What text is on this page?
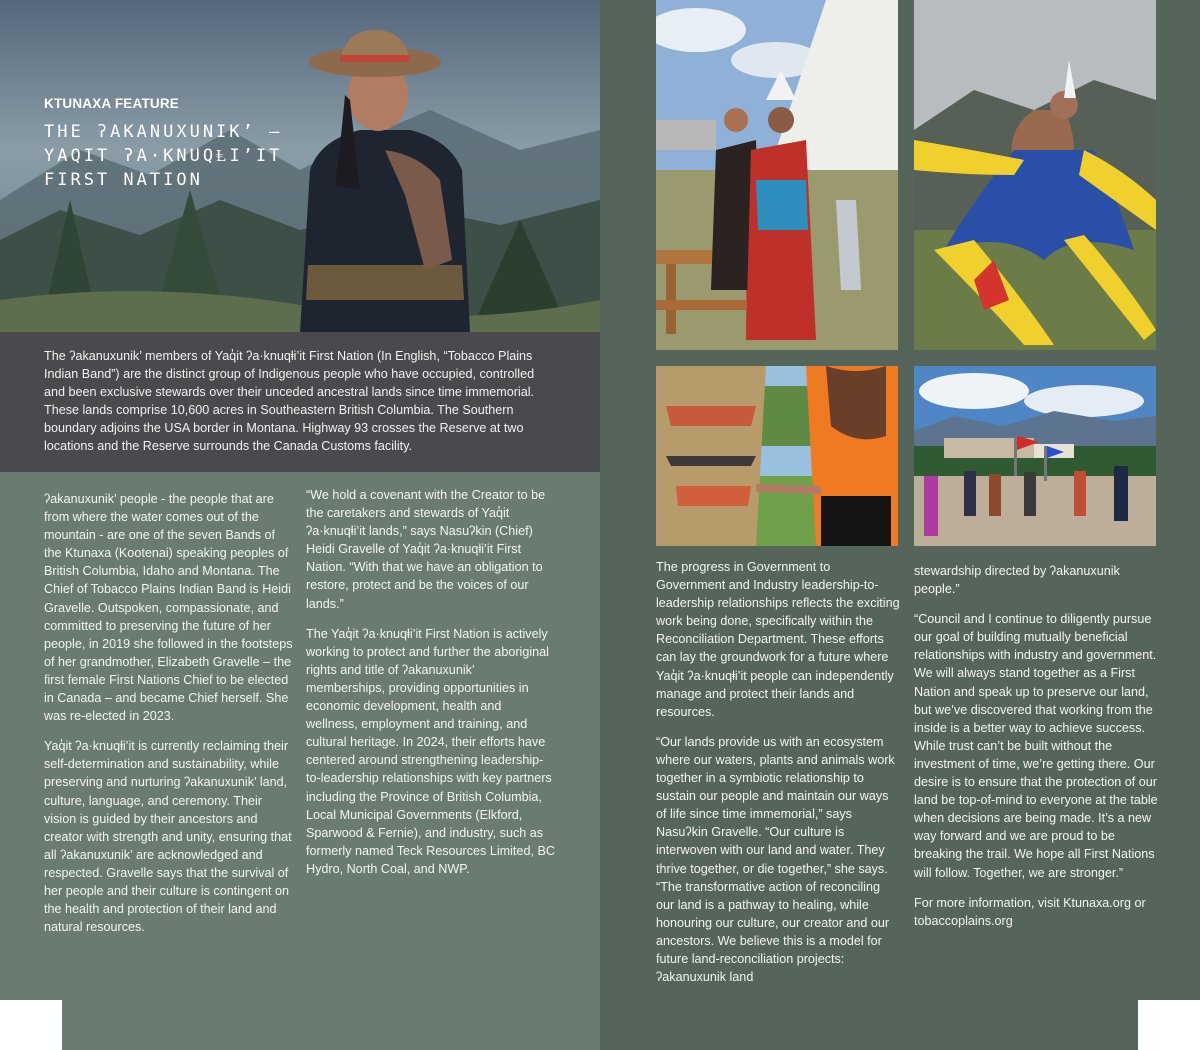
KTUNAXA FEATURE
THE ʔAKANUXUNIK’ –
YAQIT ʔA·KNUQⱠI’IT
FIRST NATION

The ʔakanuxunik’ members of Yaq̓it ʔa·knuqⱡi’it First Nation (In English, “Tobacco Plains Indian Band”) are the distinct group of Indigenous people who have occupied, controlled and been exclusive stewards over their unceded ancestral lands since time immemorial. These lands comprise 10,600 acres in Southeastern British Columbia. The Southern boundary adjoins the USA border in Montana. Highway 93 crosses the Reserve at two locations and the Reserve surrounds the Canada Customs facility.

ʔakanuxunik’ people - the people that are from where the water comes out of the mountain - are one of the seven Bands of the Ktunaxa (Kootenai) speaking peoples of British Columbia, Idaho and Montana. The Chief of Tobacco Plains Indian Band is Heidi Gravelle. Outspoken, compassionate, and committed to preserving the future of her people, in 2019 she followed in the footsteps of her grandmother, Elizabeth Gravelle – the first female First Nations Chief to be elected in Canada – and became Chief herself. She was re-elected in 2023.

Yaq̓it ʔa·knuqⱡi’it is currently reclaiming their self-determination and sustainability, while preserving and nurturing ʔakanuxunik’ land, culture, language, and ceremony. Their vision is guided by their ancestors and creator with strength and unity, ensuring that all ʔakanuxunik’ are acknowledged and respected. Gravelle says that the survival of her people and their culture is contingent on the health and protection of their land and natural resources.

“We hold a covenant with the Creator to be the caretakers and stewards of Yaq̓it ʔa·knuqⱡi’it lands,” says Nasuʔkin (Chief) Heidi Gravelle of Yaq̓it ʔa·knuqⱡi’it First Nation. “With that we have an obligation to restore, protect and be the voices of our lands.”

The Yaq̓it ʔa·knuqⱡi’it First Nation is actively working to protect and further the aboriginal rights and title of ʔakanuxunik’ memberships, providing opportunities in economic development, health and wellness, employment and training, and cultural heritage. In 2024, their efforts have centered around strengthening leadership-to-leadership relationships with key partners including the Province of British Columbia, Local Municipal Governments (Elkford, Sparwood & Fernie), and industry, such as formerly named Teck Resources Limited, BC Hydro, North Coal, and NWP.

The progress in Government to Government and Industry leadership-to-leadership relationships reflects the exciting work being done, specifically within the Reconciliation Department. These efforts can lay the groundwork for a future where Yaq̓it ʔa·knuqⱡi’it people can independently manage and protect their lands and resources.

“Our lands provide us with an ecosystem where our waters, plants and animals work together in a symbiotic relationship to sustain our people and maintain our ways of life since time immemorial,” says Nasuʔkin Gravelle. “Our culture is interwoven with our land and water. They thrive together, or die together,” she says. “The transformative action of reconciling our land is a pathway to healing, while honouring our culture, our creator and our ancestors. We believe this is a model for future land-reconciliation projects: ʔakanuxunik land

stewardship directed by ʔakanuxunik people.”

“Council and I continue to diligently pursue our goal of building mutually beneficial relationships with industry and government. We will always stand together as a First Nation and speak up to preserve our land, but we’ve discovered that working from the inside is a better way to achieve success. While trust can’t be built without the investment of time, we’re getting there. Our desire is to ensure that the protection of our land be top-of-mind to everyone at the table when decisions are being made. It’s a new way forward and we are proud to be breaking the trail. We hope all First Nations will follow. Together, we are stronger.”

For more information, visit Ktunaxa.org or tobaccoplains.org
